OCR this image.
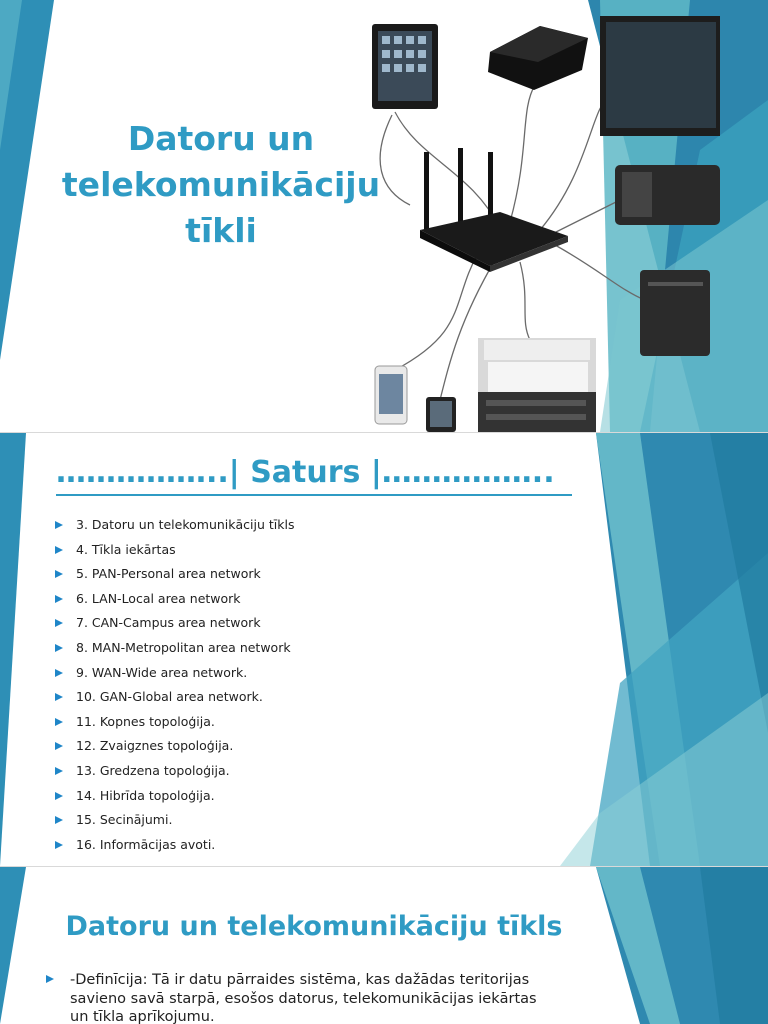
Datoru un telekomunikāciju tīkli
……………..| Saturs |……………..
3. Datoru un telekomunikāciju tīkls
4. Tīkla iekārtas
5. PAN-Personal area network
6. LAN-Local area network
7. CAN-Campus area network
8. MAN-Metropolitan area network
9. WAN-Wide area network.
10. GAN-Global area network.
11. Kopnes topoloģija.
12. Zvaigznes topoloģija.
13. Gredzena topoloģija.
14. Hibrīda topoloģija.
15. Secinājumi.
16. Informācijas avoti.
Datoru un telekomunikāciju tīkls
-Definīcija: Tā ir datu pārraides sistēma, kas dažādas teritorijas savieno savā starpā, esošos datorus, telekomunikācijas iekārtas un tīkla aprīkojumu.
